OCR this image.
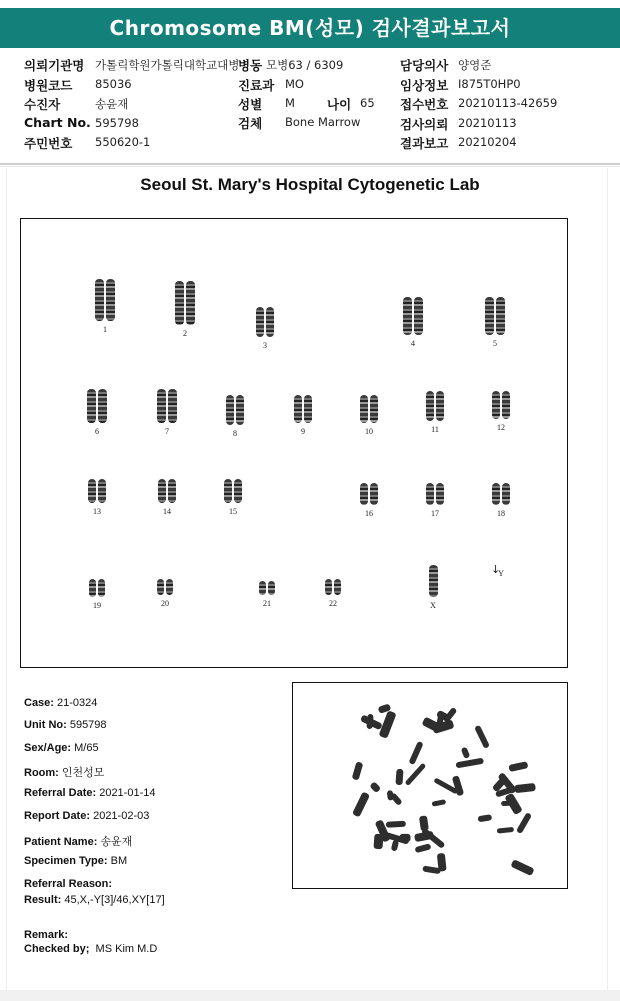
Chromosome BM(성모) 검사결과보고서
의뢰기관명 가톨릭학원가톨릭대학교대병
병동 모병63 / 6309	담당의사 양영준
병원코드 85036	진료과 MO	임상정보 I875T0HP0
수진자	송윤재	성별 M	나이 65 접수번호 20210113-42659
Chart No. 595798	검체 Bone Marrow	검사의뢰 20210113
주민번호 550620-1	결과보고 20210204
Seoul St. Mary's Hospital Cytogenetic Lab
1	2
3	4	5
6	7	8	9	10	11	12
13	14	15	16	17	18
19	20	21	22	X
Y
↓
Case: 21-0324
Unit No: 595798
Sex/Age: M/65
Room: 인천성모
Referral Date: 2021-01-14
Report Date: 2021-02-03
Patient Name: 송윤재
Specimen Type: BM
Referral Reason:
Result: 45,X,-Y[3]/46,XY[17]
Remark:
Checked by; MS Kim M.D
